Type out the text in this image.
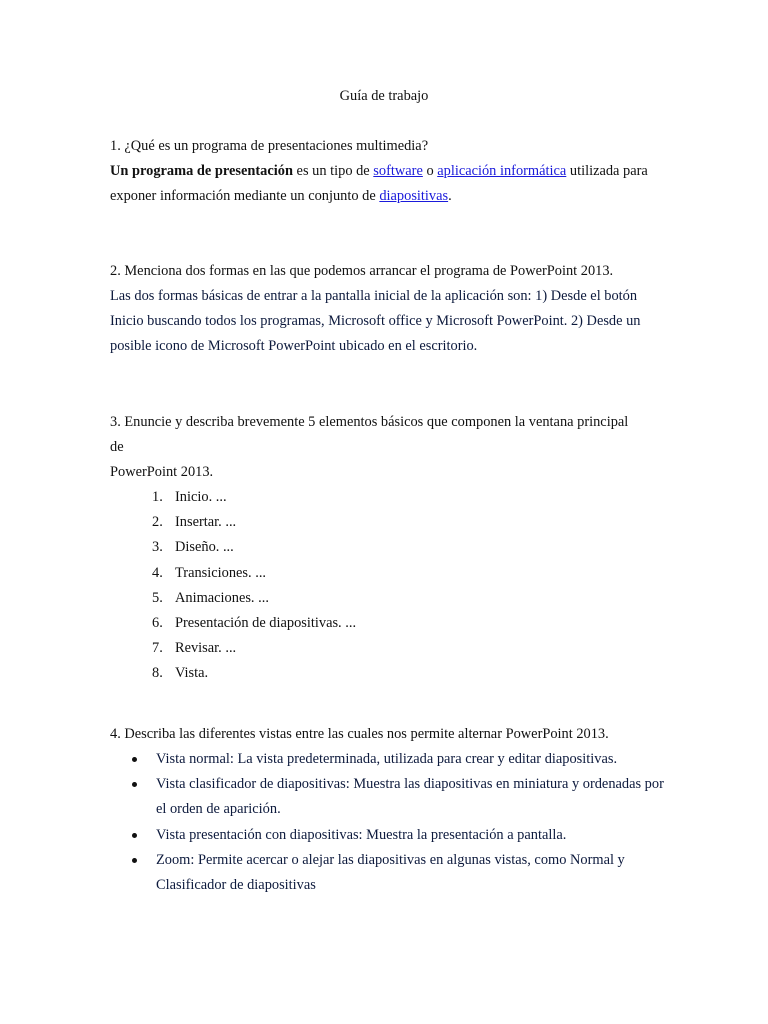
Guía de trabajo

1. ¿Qué es un programa de presentaciones multimedia?

Un programa de presentación es un tipo de software o aplicación informática utilizada para exponer información mediante un conjunto de diapositivas.

2. Menciona dos formas en las que podemos arrancar el programa de PowerPoint 2013.

Las dos formas básicas de entrar a la pantalla inicial de la aplicación son: 1) Desde el botón Inicio buscando todos los programas, Microsoft office y Microsoft PowerPoint. 2) Desde un posible icono de Microsoft PowerPoint ubicado en el escritorio.

3. Enuncie y describa brevemente 5 elementos básicos que componen la ventana principal de

PowerPoint 2013.

1. Inicio. ...
2. Insertar. ...
3. Diseño. ...
4. Transiciones. ...
5. Animaciones. ...
6. Presentación de diapositivas. ...
7. Revisar. ...
8. Vista.

4. Describa las diferentes vistas entre las cuales nos permite alternar PowerPoint 2013.

Vista normal: La vista predeterminada, utilizada para crear y editar diapositivas.
Vista clasificador de diapositivas: Muestra las diapositivas en miniatura y ordenadas por el orden de aparición.
Vista presentación con diapositivas: Muestra la presentación a pantalla.
Zoom: Permite acercar o alejar las diapositivas en algunas vistas, como Normal y Clasificador de diapositivas
